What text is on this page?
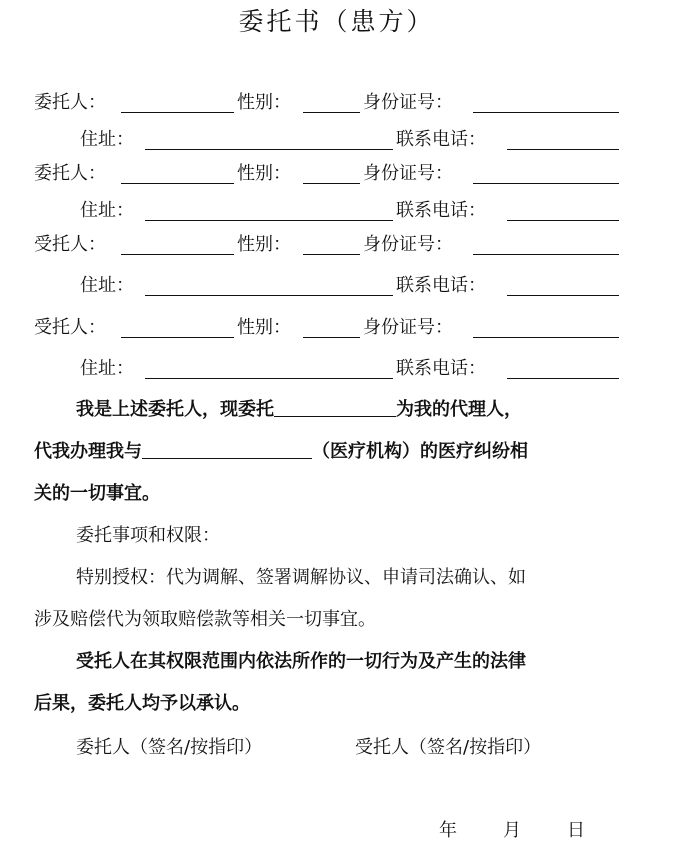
委托书（患方）
委托人：	性别：	身份证号：
住址：	联系电话：
委托人：	性别：	身份证号：
住址：	联系电话：
受托人：	性别：	身份证号：
住址：	联系电话：
受托人：	性别：	身份证号：
住址：	联系电话：
我是上述委托人，现委托	为我的代理人，
代我办理我与	（医疗机构）的医疗纠纷相
关的一切事宜。
委托事项和权限：
特别授权：代为调解、签署调解协议、申请司法确认、如
涉及赔偿代为领取赔偿款等相关一切事宜。
受托人在其权限范围内依法所作的一切行为及产生的法律
后果，委托人均予以承认。
委托人（签名/按指印）	受托人（签名/按指印）
年	月	日
